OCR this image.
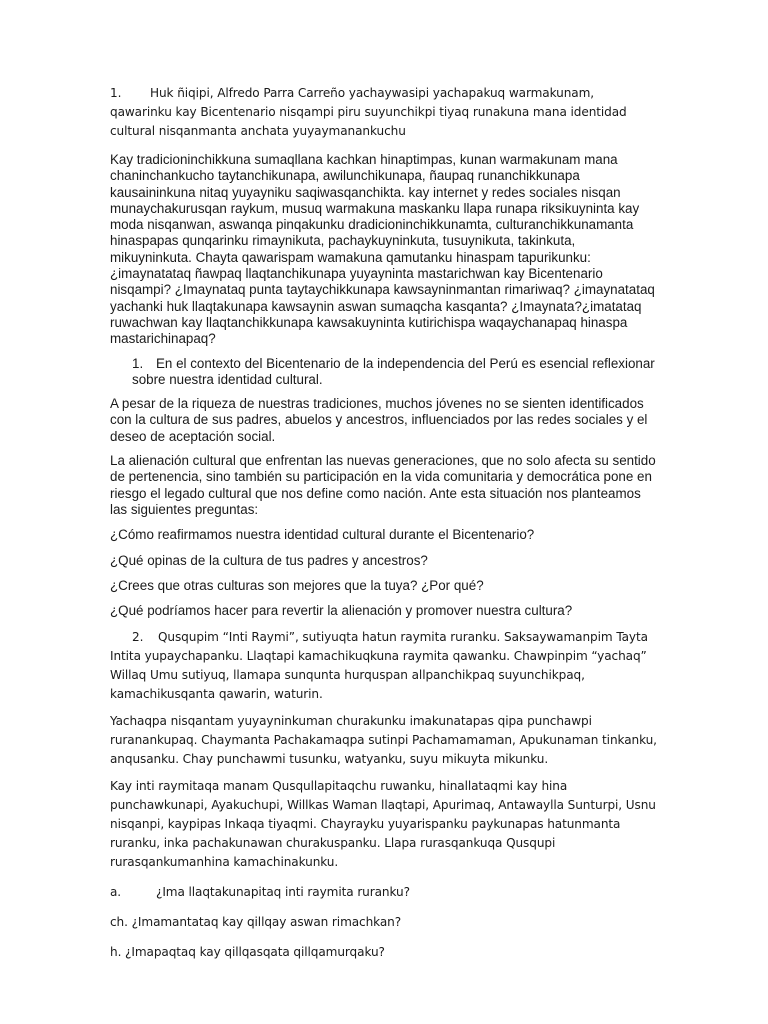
1. Huk ñiqipi, Alfredo Parra Carreño yachaywasipi yachapakuq warmakunam, qawarinku kay Bicentenario nisqampi piru suyunchikpi tiyaq runakuna mana identidad cultural nisqanmanta anchata yuyaymanankuchu

Kay tradicioninchikkuna sumaqllana kachkan hinaptimpas, kunan warmakunam mana chaninchankucho taytanchikunapa, awilunchikunapa, ñaupaq runanchikkunapa kausaininkuna nitaq yuyayniku saqiwasqanchikta. kay internet y redes sociales nisqan munaychakurusqan raykum, musuq warmakuna maskanku llapa runapa riksikuyninta kay moda nisqanwan, aswanqa pinqakunku dradicioninchikkunamta, culturanchikkunamanta hinaspapas qunqarinku rimaynikuta, pachaykuyninkuta, tusuynikuta, takinkuta, mikuyninkuta. Chayta qawarispam wamakuna qamutanku hinaspam tapurikunku: ¿imaynatataq ñawpaq llaqtanchikunapa yuyayninta mastarichwan kay Bicentenario nisqampi? ¿Imaynataq punta taytaychikkunapa kawsayninmantan rimariwaq? ¿imaynatataq yachanki huk llaqtakunapa kawsaynin aswan sumaqcha kasqanta? ¿Imaynata?¿imatataq ruwachwan kay llaqtanchikkunapa kawsakuyninta kutirichispa waqaychanapaq hinaspa mastarichinapaq?

1. En el contexto del Bicentenario de la independencia del Perú es esencial reflexionar sobre nuestra identidad cultural.

A pesar de la riqueza de nuestras tradiciones, muchos jóvenes no se sienten identificados con la cultura de sus padres, abuelos y ancestros, influenciados por las redes sociales y el deseo de aceptación social.

La alienación cultural que enfrentan las nuevas generaciones, que no solo afecta su sentido de pertenencia, sino también su participación en la vida comunitaria y democrática pone en riesgo el legado cultural que nos define como nación. Ante esta situación nos planteamos las siguientes preguntas:

¿Cómo reafirmamos nuestra identidad cultural durante el Bicentenario?

¿Qué opinas de la cultura de tus padres y ancestros?

¿Crees que otras culturas son mejores que la tuya? ¿Por qué?

¿Qué podríamos hacer para revertir la alienación y promover nuestra cultura?

2. Qusqupim “Inti Raymi”, sutiyuqta hatun raymita ruranku. Saksaywamanpim Tayta Intita yupaychapanku. Llaqtapi kamachikuqkuna raymita qawanku. Chawpinpim “yachaq” Willaq Umu sutiyuq, llamapa sunqunta hurquspan allpanchikpaq suyunchikpaq, kamachikusqanta qawarin, waturin.

Yachaqpa nisqantam yuyayninkuman churakunku imakunatapas qipa punchawpi ruranankupaq. Chaymanta Pachakamaqpa sutinpi Pachamamaman, Apukunaman tinkanku, anqusanku. Chay punchawmi tusunku, watyanku, suyu mikuyta mikunku.

Kay inti raymitaqa manam Qusqullapitaqchu ruwanku, hinallataqmi kay hina punchawkunapi, Ayakuchupi, Willkas Waman llaqtapi, Apurimaq, Antawaylla Sunturpi, Usnu nisqanpi, kaypipas Inkaqa tiyaqmi. Chayrayku yuyarispanku paykunapas hatunmanta ruranku, inka pachakunawan churakuspanku. Llapa rurasqankuqa Qusqupi rurasqankumanhina kamachinakunku.

a.	¿Ima llaqtakunapitaq inti raymita ruranku?

ch. ¿Imamantataq kay qillqay aswan rimachkan?

h. ¿Imapaqtaq kay qillqasqata qillqamurqaku?
